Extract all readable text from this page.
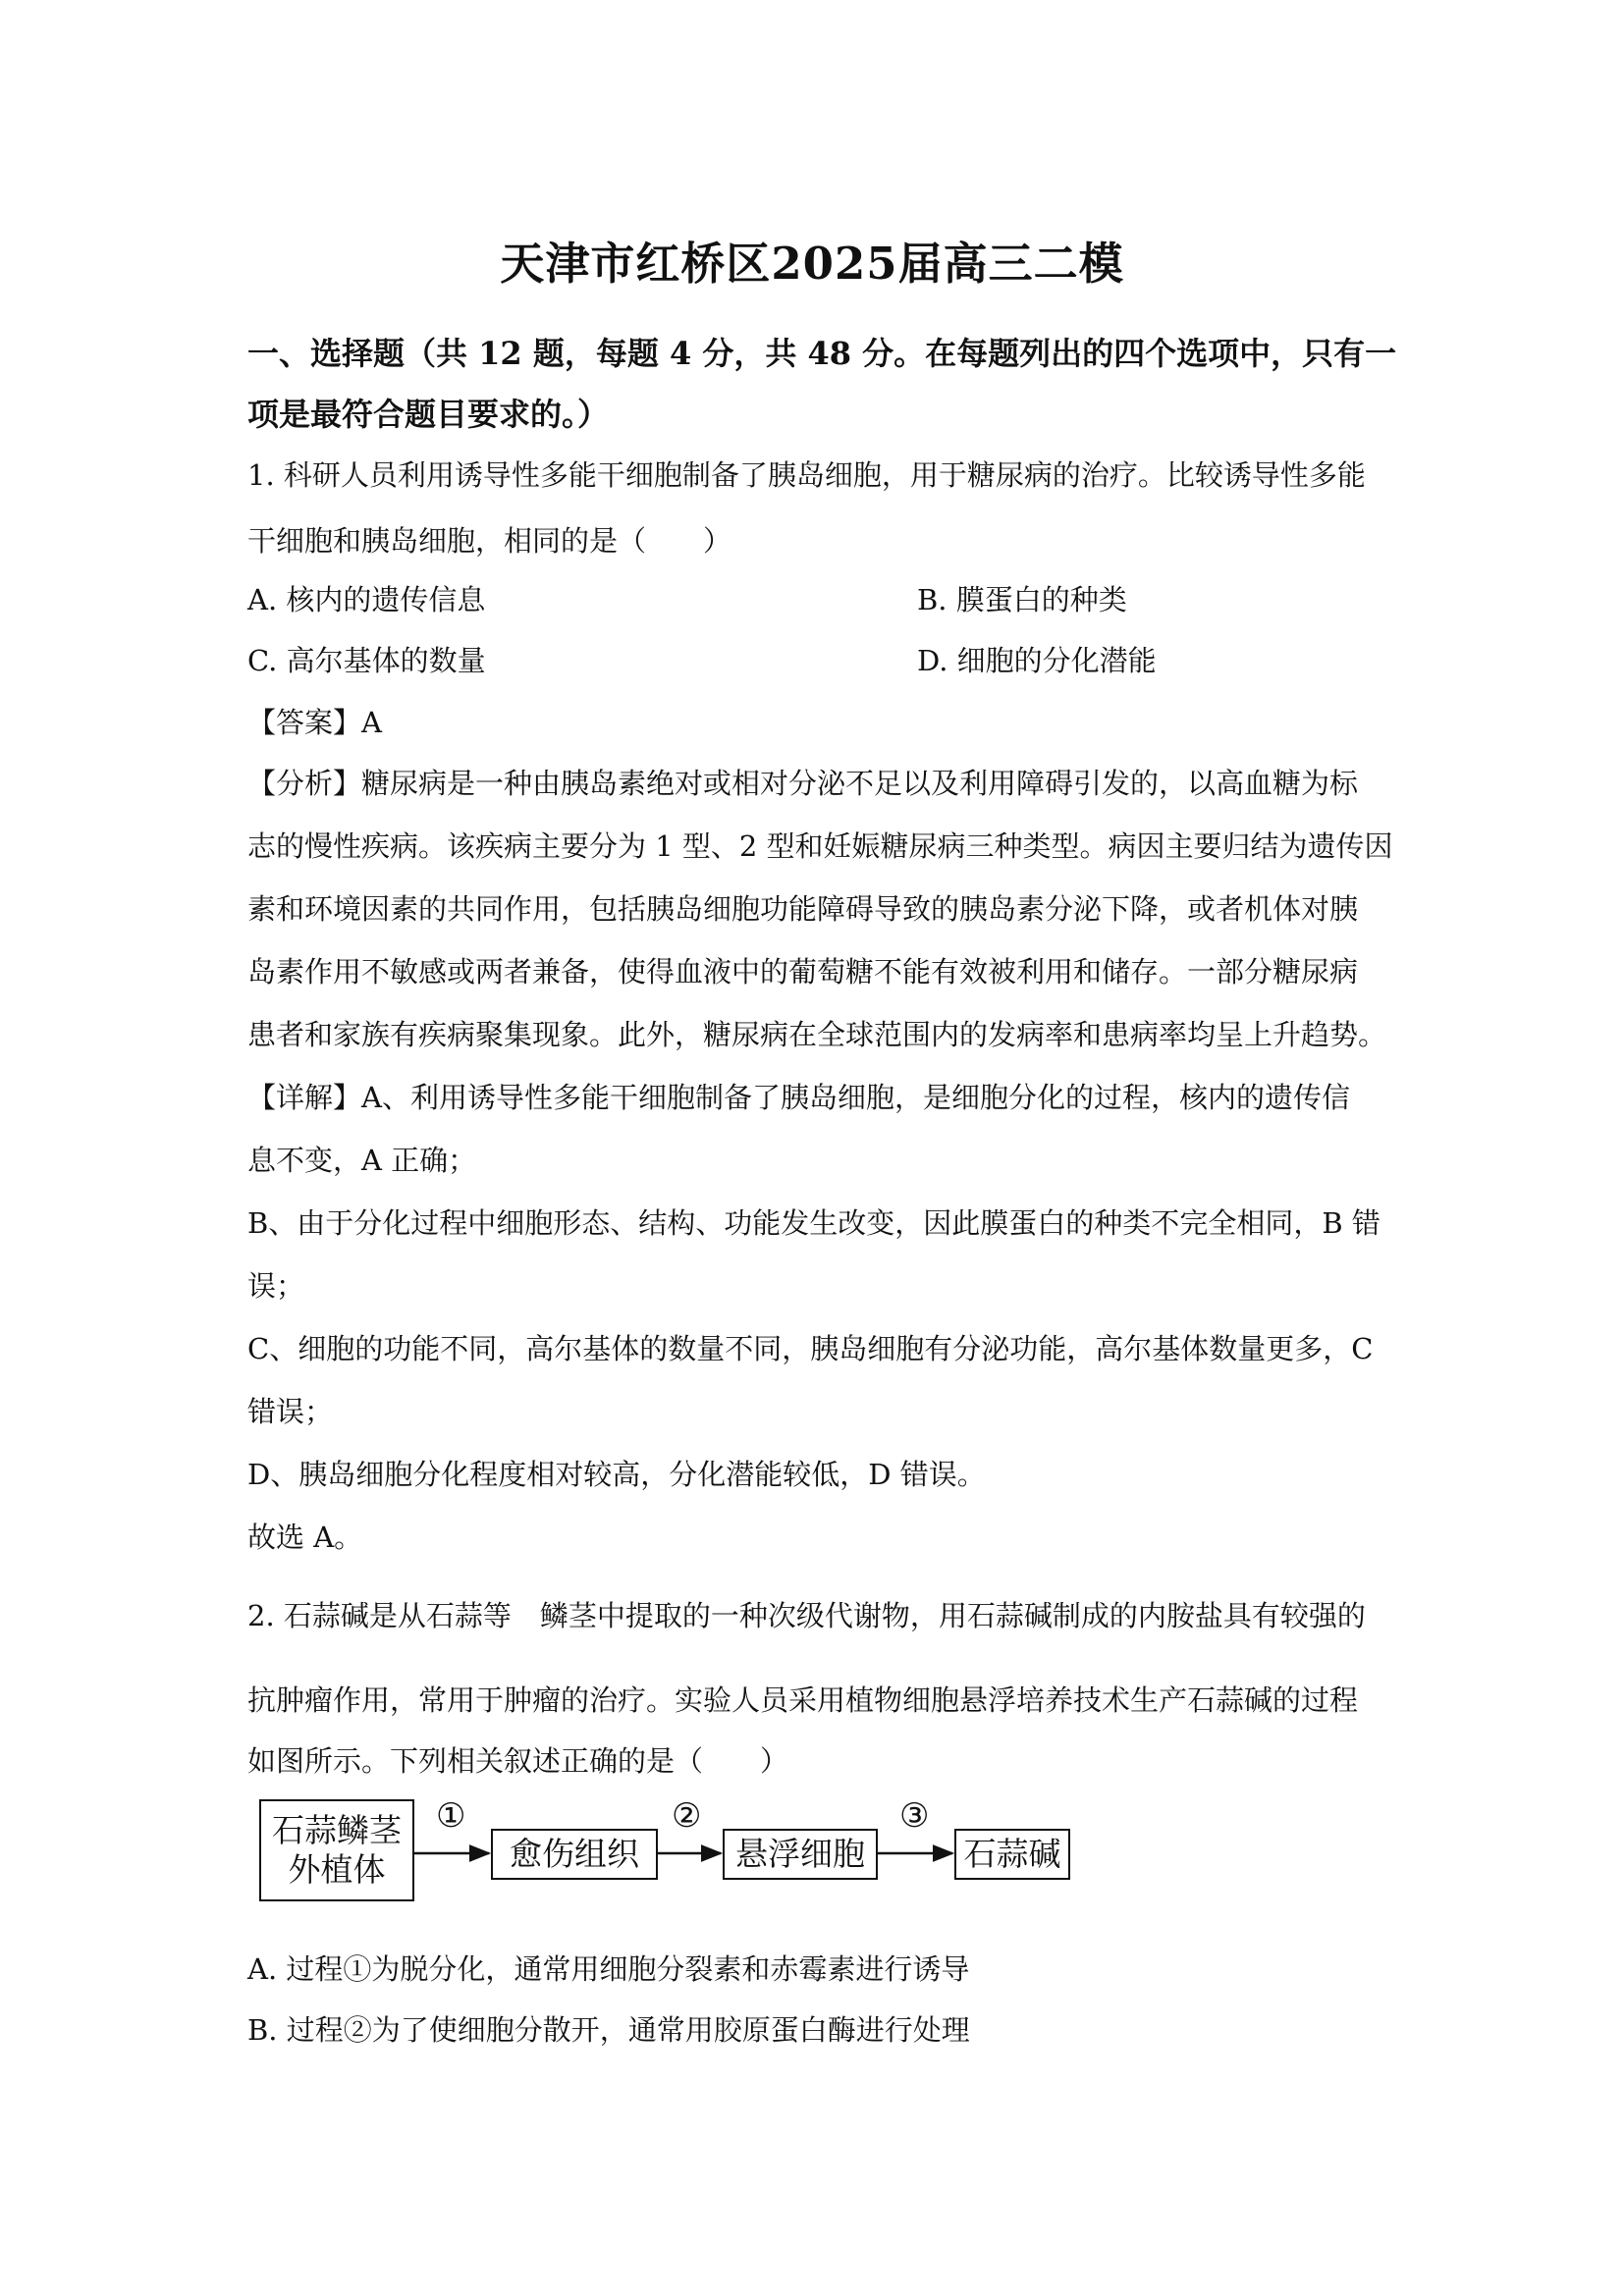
天津市红桥区2025届高三二模
一、选择题（共 12 题，每题 4 分，共 48 分。在每题列出的四个选项中，只有一
项是最符合题目要求的。）
1. 科研人员利用诱导性多能干细胞制备了胰岛细胞，用于糖尿病的治疗。比较诱导性多能
干细胞和胰岛细胞，相同的是（　　）
A. 核内的遗传信息	B. 膜蛋白的种类
C. 高尔基体的数量	D. 细胞的分化潜能
【答案】A
【分析】糖尿病是一种由胰岛素绝对或相对分泌不足以及利用障碍引发的，以高血糖为标
志的慢性疾病。该疾病主要分为 1 型、2 型和妊娠糖尿病三种类型。病因主要归结为遗传因
素和环境因素的共同作用，包括胰岛细胞功能障碍导致的胰岛素分泌下降，或者机体对胰
岛素作用不敏感或两者兼备，使得血液中的葡萄糖不能有效被利用和储存。一部分糖尿病
患者和家族有疾病聚集现象。此外，糖尿病在全球范围内的发病率和患病率均呈上升趋势。
【详解】A、利用诱导性多能干细胞制备了胰岛细胞，是细胞分化的过程，核内的遗传信
息不变，A 正确；
B、由于分化过程中细胞形态、结构、功能发生改变，因此膜蛋白的种类不完全相同，B 错
误；
C、细胞的功能不同，高尔基体的数量不同，胰岛细胞有分泌功能，高尔基体数量更多，C
错误；
D、胰岛细胞分化程度相对较高，分化潜能较低，D 错误。
故选 A。
2. 石蒜碱是从石蒜等　鳞茎中提取的一种次级代谢物，用石蒜碱制成的内胺盐具有较强的
抗肿瘤作用，常用于肿瘤的治疗。实验人员采用植物细胞悬浮培养技术生产石蒜碱的过程
如图所示。下列相关叙述正确的是（　　）
石蒜鳞茎
外植体
①
愈伤组织
②
悬浮细胞
③
石蒜碱
A. 过程①为脱分化，通常用细胞分裂素和赤霉素进行诱导
B. 过程②为了使细胞分散开，通常用胶原蛋白酶进行处理
